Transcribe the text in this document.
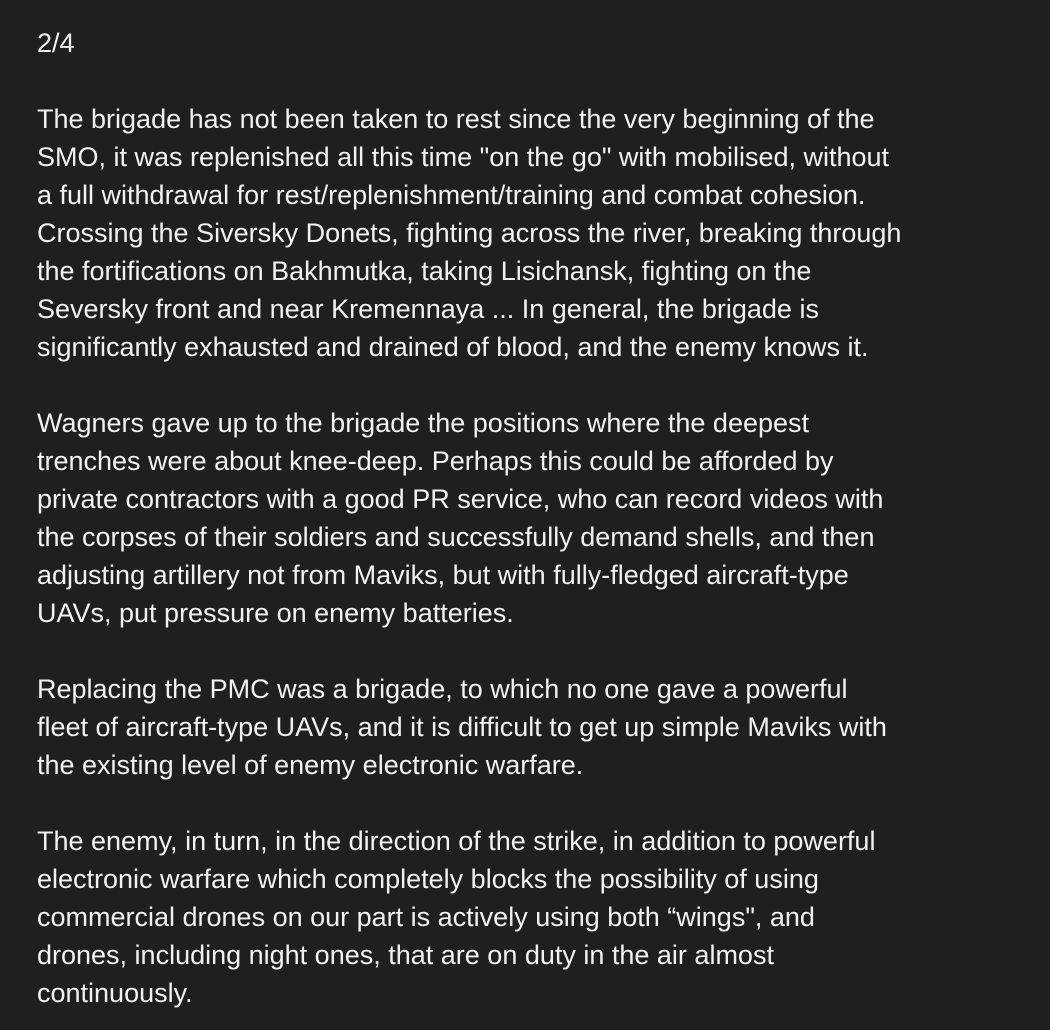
2/4

The brigade has not been taken to rest since the very beginning of the
SMO, it was replenished all this time "on the go" with mobilised, without
a full withdrawal for rest/replenishment/training and combat cohesion.
Crossing the Siversky Donets, fighting across the river, breaking through
the fortifications on Bakhmutka, taking Lisichansk, fighting on the
Seversky front and near Kremennaya ... In general, the brigade is
significantly exhausted and drained of blood, and the enemy knows it.

Wagners gave up to the brigade the positions where the deepest
trenches were about knee-deep. Perhaps this could be afforded by
private contractors with a good PR service, who can record videos with
the corpses of their soldiers and successfully demand shells, and then
adjusting artillery not from Maviks, but with fully-fledged aircraft-type
UAVs, put pressure on enemy batteries.

Replacing the PMC was a brigade, to which no one gave a powerful
fleet of aircraft-type UAVs, and it is difficult to get up simple Maviks with
the existing level of enemy electronic warfare.

The enemy, in turn, in the direction of the strike, in addition to powerful
electronic warfare which completely blocks the possibility of using
commercial drones on our part is actively using both “wings", and
drones, including night ones, that are on duty in the air almost
continuously.
